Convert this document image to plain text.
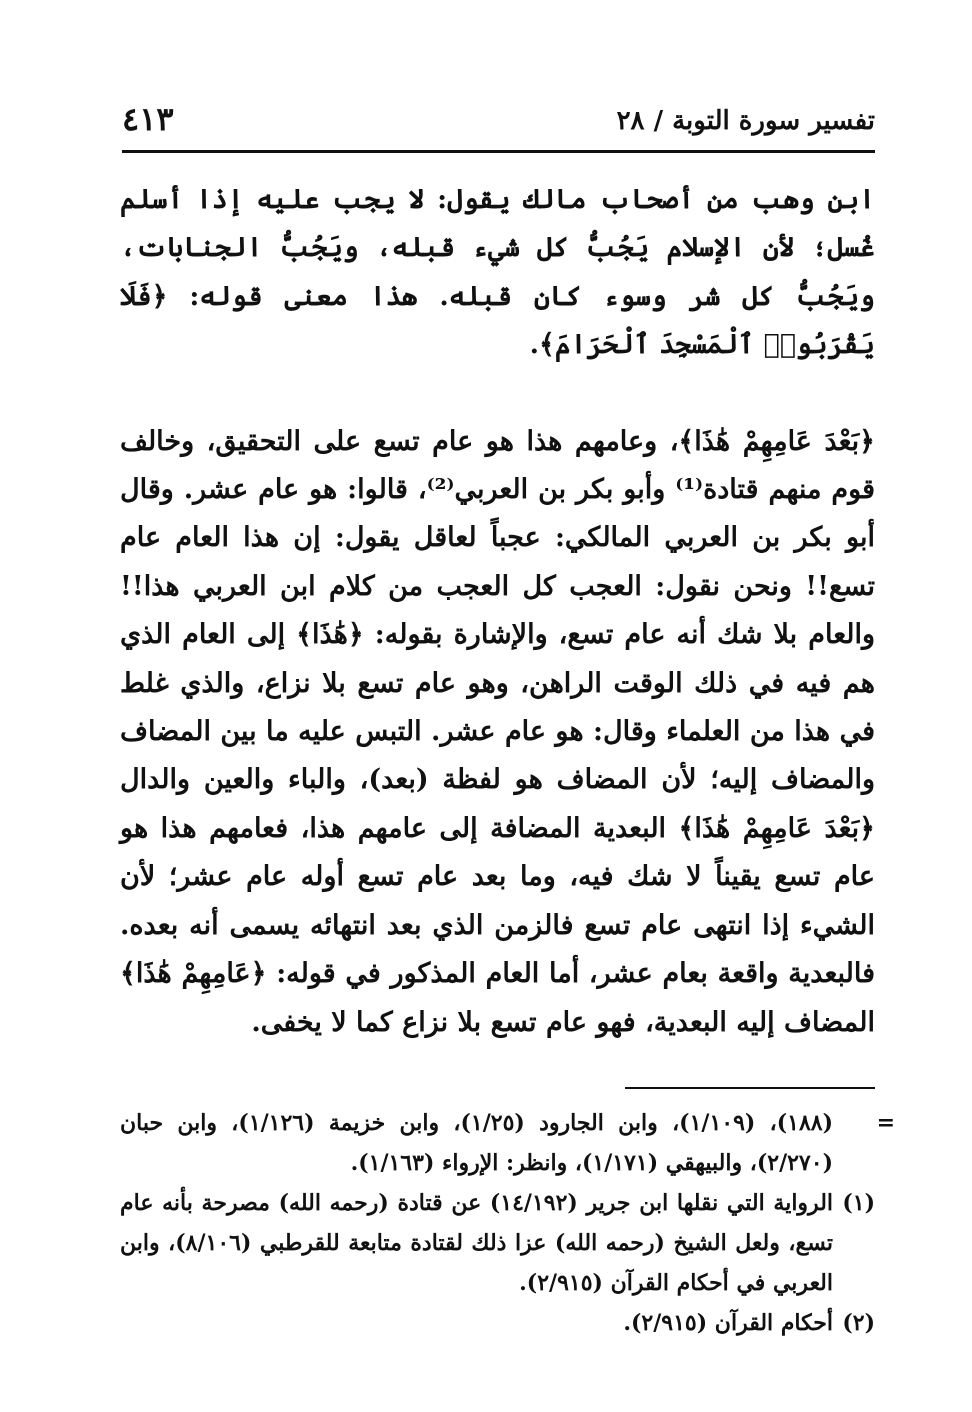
تفسير سورة التوبة / ٢٨
٤١٣

ابن وهب من أصحاب مالك يقول: لا يجب عليه إذا أسلم غُسل؛ لأن الإسلام يَجُبُّ كل شيء قبله، ويَجُبُّ الجنابات، ويَجُبُّ كل شر وسوء كان قبله. هذا معنى قوله: ﴿فَلَا يَقْرَبُوا۟ ٱلْمَسْجِدَ ٱلْحَرَامَ﴾.

﴿بَعْدَ عَامِهِمْ هَٰذَا﴾، وعامهم هذا هو عام تسع على التحقيق، وخالف قوم منهم قتادة⁽¹⁾ وأبو بكر بن العربي⁽²⁾، قالوا: هو عام عشر. وقال أبو بكر بن العربي المالكي: عجباً لعاقل يقول: إن هذا العام عام تسع!! ونحن نقول: العجب كل العجب من كلام ابن العربي هذا!! والعام بلا شك أنه عام تسع، والإشارة بقوله: ﴿هَٰذَا﴾ إلى العام الذي هم فيه في ذلك الوقت الراهن، وهو عام تسع بلا نزاع، والذي غلط في هذا من العلماء وقال: هو عام عشر. التبس عليه ما بين المضاف والمضاف إليه؛ لأن المضاف هو لفظة (بعد)، والباء والعين والدال ﴿بَعْدَ عَامِهِمْ هَٰذَا﴾ البعدية المضافة إلى عامهم هذا، فعامهم هذا هو عام تسع يقيناً لا شك فيه، وما بعد عام تسع أوله عام عشر؛ لأن الشيء إذا انتهى عام تسع فالزمن الذي بعد انتهائه يسمى أنه بعده. فالبعدية واقعة بعام عشر، أما العام المذكور في قوله: ﴿عَامِهِمْ هَٰذَا﴾ المضاف إليه البعدية، فهو عام تسع بلا نزاع كما لا يخفى.

=
(١٨٨)، (١/١٠٩)، وابن الجارود (١/٢٥)، وابن خزيمة (١/١٢٦)، وابن حبان (٢/٢٧٠)، والبيهقي (١/١٧١)، وانظر: الإرواء (١/١٦٣).
(١)
الرواية التي نقلها ابن جرير (١٤/١٩٢) عن قتادة (رحمه الله) مصرحة بأنه عام تسع، ولعل الشيخ (رحمه الله) عزا ذلك لقتادة متابعة للقرطبي (٨/١٠٦)، وابن العربي في أحكام القرآن (٢/٩١٥).
(٢)
أحكام القرآن (٢/٩١٥).
